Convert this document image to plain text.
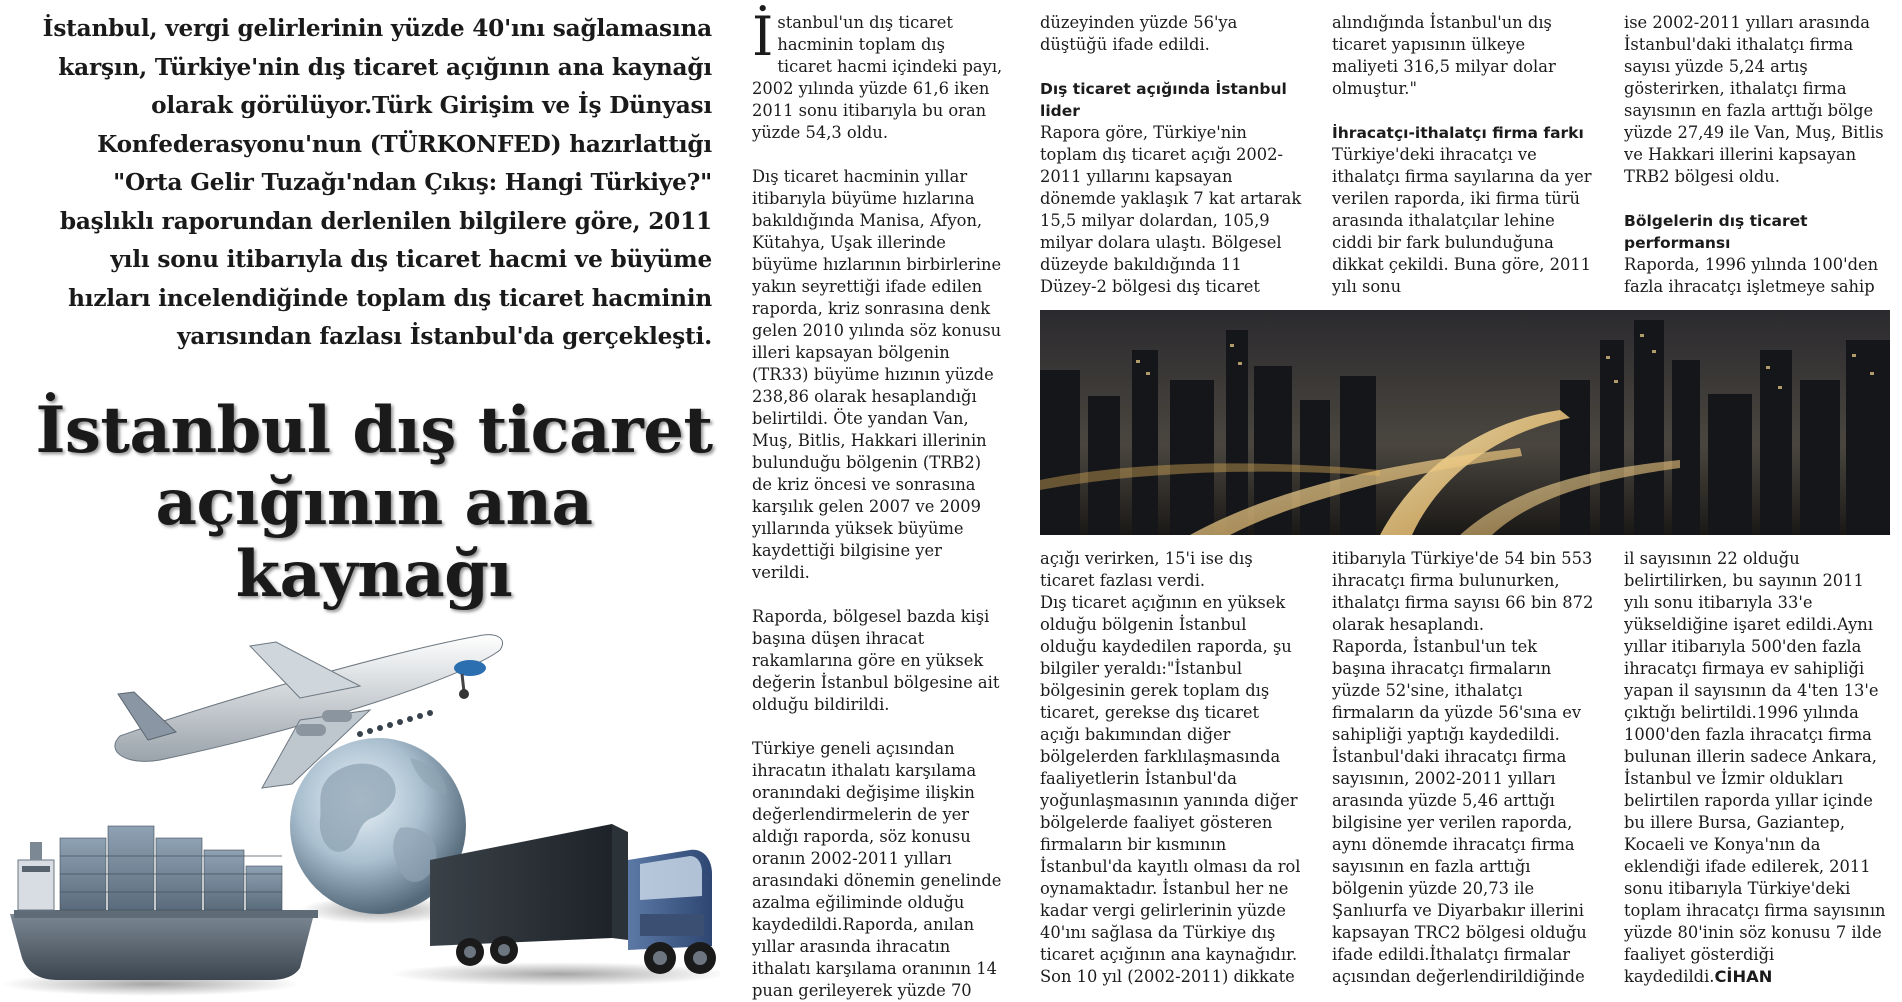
İstanbul, vergi gelirlerinin yüzde 40'ını sağlamasına karşın, Türkiye'nin dış ticaret açığının ana kaynağı olarak görülüyor.Türk Girişim ve İş Dünyası Konfederasyonu'nun (TÜRKONFED) hazırlattığı "Orta Gelir Tuzağı'ndan Çıkış: Hangi Türkiye?" başlıklı raporundan derlenilen bilgilere göre, 2011 yılı sonu itibarıyla dış ticaret hacmi ve büyüme hızları incelendiğinde toplam dış ticaret hacminin yarısından fazlası İstanbul'da gerçekleşti.

İstanbul dış ticaret açığının ana kaynağı

İstanbul'un dış ticaret hacminin toplam dış ticaret hacmi içindeki payı, 2002 yılında yüzde 61,6 iken 2011 sonu itibarıyla bu oran yüzde 54,3 oldu.

Dış ticaret hacminin yıllar itibarıyla büyüme hızlarına bakıldığında Manisa, Afyon, Kütahya, Uşak illerinde büyüme hızlarının birbirlerine yakın seyrettiği ifade edilen raporda, kriz sonrasına denk gelen 2010 yılında söz konusu illeri kapsayan bölgenin (TR33) büyüme hızının yüzde 238,86 olarak hesaplandığı belirtildi. Öte yandan Van, Muş, Bitlis, Hakkari illerinin bulunduğu bölgenin (TRB2) de kriz öncesi ve sonrasına karşılık gelen 2007 ve 2009 yıllarında yüksek büyüme kaydettiği bilgisine yer verildi.

Raporda, bölgesel bazda kişi başına düşen ihracat rakamlarına göre en yüksek değerin İstanbul bölgesine ait olduğu bildirildi.

Türkiye geneli açısından ihracatın ithalatı karşılama oranındaki değişime ilişkin değerlendirmelerin de yer aldığı raporda, söz konusu oranın 2002-2011 yılları arasındaki dönemin genelinde azalma eğiliminde olduğu kaydedildi.Raporda, anılan yıllar arasında ihracatın ithalatı karşılama oranının 14 puan gerileyerek yüzde 70

düzeyinden yüzde 56'ya düştüğü ifade edildi.

Dış ticaret açığında İstanbul lider
Rapora göre, Türkiye'nin toplam dış ticaret açığı 2002-2011 yıllarını kapsayan dönemde yaklaşık 7 kat artarak 15,5 milyar dolardan, 105,9 milyar dolara ulaştı. Bölgesel düzeyde bakıldığında 11 Düzey-2 bölgesi dış ticaret

alındığında İstanbul'un dış ticaret yapısının ülkeye maliyeti 316,5 milyar dolar olmuştur."

İhracatçı-ithalatçı firma farkı
Türkiye'deki ihracatçı ve ithalatçı firma sayılarına da yer verilen raporda, iki firma türü arasında ithalatçılar lehine ciddi bir fark bulunduğuna dikkat çekildi. Buna göre, 2011 yılı sonu

ise 2002-2011 yılları arasında İstanbul'daki ithalatçı firma sayısı yüzde 5,24 artış gösterirken, ithalatçı firma sayısının en fazla arttığı bölge yüzde 27,49 ile Van, Muş, Bitlis ve Hakkari illerini kapsayan TRB2 bölgesi oldu.

Bölgelerin dış ticaret performansı
Raporda, 1996 yılında 100'den fazla ihracatçı işletmeye sahip

açığı verirken, 15'i ise dış ticaret fazlası verdi.

Dış ticaret açığının en yüksek olduğu bölgenin İstanbul olduğu kaydedilen raporda, şu bilgiler yeraldı:"İstanbul bölgesinin gerek toplam dış ticaret, gerekse dış ticaret açığı bakımından diğer bölgelerden farklılaşmasında faaliyetlerin İstanbul'da yoğunlaşmasının yanında diğer bölgelerde faaliyet gösteren firmaların bir kısmının İstanbul'da kayıtlı olması da rol oynamaktadır. İstanbul her ne kadar vergi gelirlerinin yüzde 40'ını sağlasa da Türkiye dış ticaret açığının ana kaynağıdır. Son 10 yıl (2002-2011) dikkate

itibarıyla Türkiye'de 54 bin 553 ihracatçı firma bulunurken, ithalatçı firma sayısı 66 bin 872 olarak hesaplandı.

Raporda, İstanbul'un tek başına ihracatçı firmaların yüzde 52'sine, ithalatçı firmaların da yüzde 56'sına ev sahipliği yaptığı kaydedildi. İstanbul'daki ihracatçı firma sayısının, 2002-2011 yılları arasında yüzde 5,46 arttığı bilgisine yer verilen raporda, aynı dönemde ihracatçı firma sayısının en fazla arttığı bölgenin yüzde 20,73 ile Şanlıurfa ve Diyarbakır illerini kapsayan TRC2 bölgesi olduğu ifade edildi.İthalatçı firmalar açısından değerlendirildiğinde

il sayısının 22 olduğu belirtilirken, bu sayının 2011 yılı sonu itibarıyla 33'e yükseldiğine işaret edildi.Aynı yıllar itibarıyla 500'den fazla ihracatçı firmaya ev sahipliği yapan il sayısının da 4'ten 13'e çıktığı belirtildi.1996 yılında 1000'den fazla ihracatçı firma bulunan illerin sadece Ankara, İstanbul ve İzmir oldukları belirtilen raporda yıllar içinde bu illere Bursa, Gaziantep, Kocaeli ve Konya'nın da eklendiği ifade edilerek, 2011 sonu itibarıyla Türkiye'deki toplam ihracatçı firma sayısının yüzde 80'inin söz konusu 7 ilde faaliyet gösterdiği kaydedildi.CİHAN
